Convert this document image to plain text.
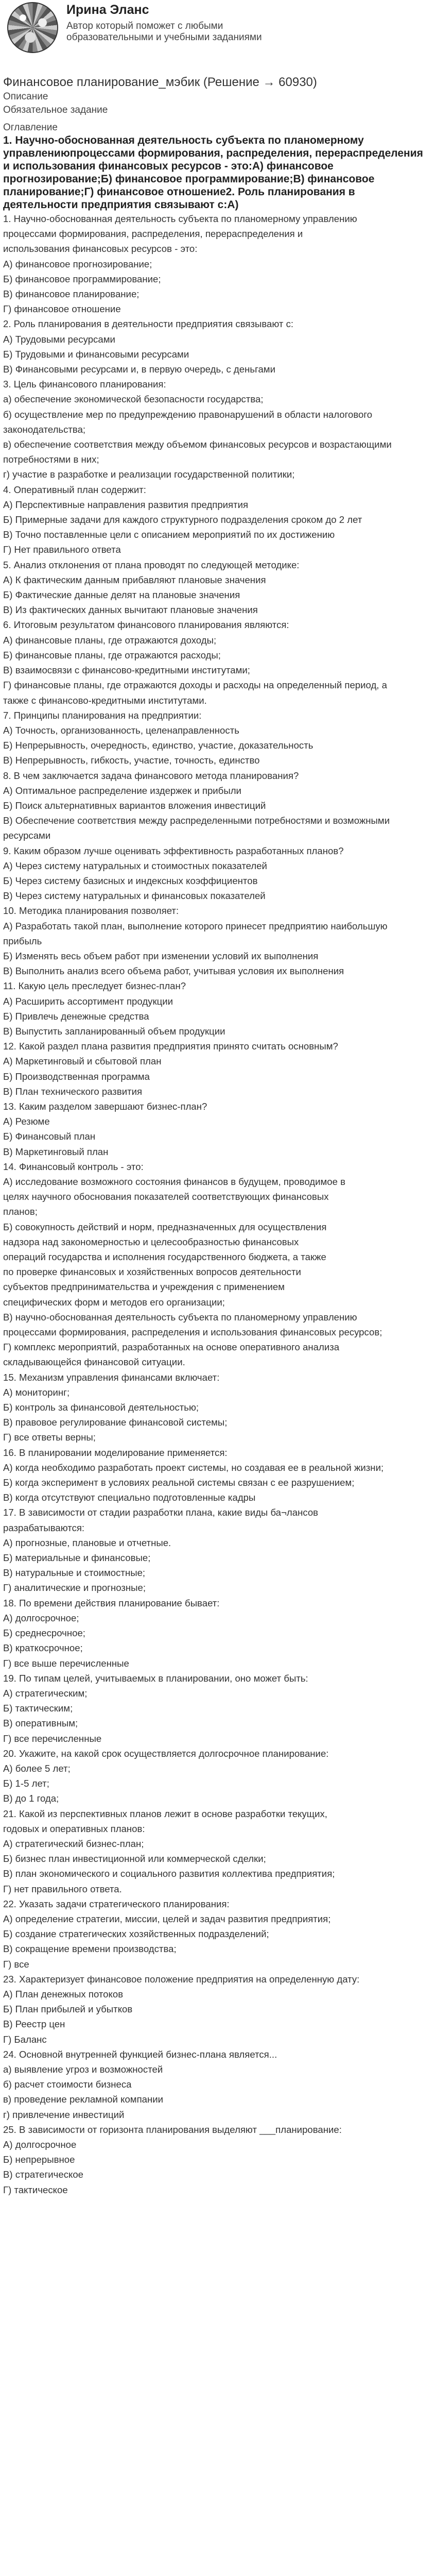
Ирина Эланс
Автор который поможет с любыми образовательными и учебными заданиями
Финансовое планирование_мэбик (Решение → 60930)
Описание
Обязательное задание
Оглавление
1. Научно-обоснованная деятельность субъекта по планомерному управлениюпроцессами формирования, распределения, перераспределения и использования финансовых ресурсов - это:А) финансовое прогнозирование;Б) финансовое программирование;В) финансовое планирование;Г) финансовое отношение2. Роль планирования в деятельности предприятия связывают с:А)
1. Научно-обоснованная деятельность субъекта по планомерному управлению
процессами формирования, распределения, перераспределения и
использования финансовых ресурсов - это:
А) финансовое прогнозирование;
Б) финансовое программирование;
В) финансовое планирование;
Г) финансовое отношение
2. Роль планирования в деятельности предприятия связывают с:
А) Трудовыми ресурсами
Б) Трудовыми и финансовыми ресурсами
В) Финансовыми ресурсами и, в первую очередь, с деньгами
3. Цель финансового планирования:
а) обеспечение экономической безопасности государства;
б) осуществление мер по предупреждению правонарушений в области налогового
законодательства;
в) обеспечение соответствия между объемом финансовых ресурсов и возрастающими
потребностями в них;
г) участие в разработке и реализации государственной политики;
4. Оперативный план содержит:
А) Перспективные направления развития предприятия
Б) Примерные задачи для каждого структурного подразделения сроком до 2 лет
В) Точно поставленные цели с описанием мероприятий по их достижению
Г) Нет правильного ответа
5. Анализ отклонения от плана проводят по следующей методике:
А) К фактическим данным прибавляют плановые значения
Б) Фактические данные делят на плановые значения
В) Из фактических данных вычитают плановые значения
6. Итоговым результатом финансового планирования являются:
А) финансовые планы, где отражаются доходы;
Б) финансовые планы, где отражаются расходы;
В) взаимосвязи с финансово-кредитными институтами;
Г) финансовые планы, где отражаются доходы и расходы на определенный период, а
также с финансово-кредитными институтами.
7. Принципы планирования на предприятии:
А) Точность, организованность, целенаправленность
Б) Непрерывность, очередность, единство, участие, доказательность
В) Непрерывность, гибкость, участие, точность, единство
8. В чем заключается задача финансового метода планирования?
А) Оптимальное распределение издержек и прибыли
Б) Поиск альтернативных вариантов вложения инвестиций
В) Обеспечение соответствия между распределенными потребностями и возможными
ресурсами
9. Каким образом лучше оценивать эффективность разработанных планов?
А) Через систему натуральных и стоимостных показателей
Б) Через систему базисных и индексных коэффициентов
В) Через систему натуральных и финансовых показателей
10. Методика планирования позволяет:
А) Разработать такой план, выполнение которого принесет предприятию наибольшую
прибыль
Б) Изменять весь объем работ при изменении условий их выполнения
В) Выполнить анализ всего объема работ, учитывая условия их выполнения
11. Какую цель преследует бизнес-план?
А) Расширить ассортимент продукции
Б) Привлечь денежные средства
В) Выпустить запланированный объем продукции
12. Какой раздел плана развития предприятия принято считать основным?
А) Маркетинговый и сбытовой план
Б) Производственная программа
В) План технического развития
13. Каким разделом завершают бизнес-план?
А) Резюме
Б) Финансовый план
В) Маркетинговый план
14. Финансовый контроль - это:
А) исследование возможного состояния финансов в будущем, проводимое в
целях научного обоснования показателей соответствующих финансовых
планов;
Б) совокупность действий и норм, предназначенных для осуществления
надзора над закономерностью и целесообразностью финансовых
операций государства и исполнения государственного бюджета, а также
по проверке финансовых и хозяйственных вопросов деятельности
субъектов предпринимательства и учреждения с применением
специфических форм и методов его организации;
В) научно-обоснованная деятельность субъекта по планомерному управлению
процессами формирования, распределения и использования финансовых ресурсов;
Г) комплекс мероприятий, разработанных на основе оперативного анализа
складывающейся финансовой ситуации.
15. Механизм управления финансами включает:
А) мониторинг;
Б) контроль за финансовой деятельностью;
В) правовое регулирование финансовой системы;
Г) все ответы верны;
16. В планировании моделирование применяется:
А) когда необходимо разработать проект системы, но создавая ее в реальной жизни;
Б) когда эксперимент в условиях реальной системы связан с ее разрушением;
В) когда отсутствуют специально подготовленные кадры
17. В зависимости от стадии разработки плана, какие виды ба¬лансов
разрабатываются:
А) прогнозные, плановые и отчетные.
Б) материальные и финансовые;
В) натуральные и стоимостные;
Г) аналитические и прогнозные;
18. По времени действия планирование бывает:
А) долгосрочное;
Б) среднесрочное;
В) краткосрочное;
Г) все выше перечисленные
19. По типам целей, учитываемых в планировании, оно может быть:
А) стратегическим;
Б) тактическим;
В) оперативным;
Г) все перечисленные
20. Укажите, на какой срок осуществляется долгосрочное планирование:
А) более 5 лет;
Б) 1-5 лет;
В) до 1 года;
21. Какой из перспективных планов лежит в основе разработки текущих,
годовых и оперативных планов:
А) стратегический бизнес-план;
Б) бизнес план инвестиционной или коммерческой сделки;
В) план экономического и социального развития коллектива предприятия;
Г) нет правильного ответа.
22. Указать задачи стратегического планирования:
А) определение стратегии, миссии, целей и задач развития предприятия;
Б) создание стратегических хозяйственных подразделений;
В) сокращение времени производства;
Г) все
23. Характеризует финансовое положение предприятия на определенную дату:
А) План денежных потоков
Б) План прибылей и убытков
В) Реестр цен
Г) Баланс
24. Основной внутренней функцией бизнес-плана является...
а) выявление угроз и возможностей
б) расчет стоимости бизнеса
в) проведение рекламной компании
г) привлечение инвестиций
25. В зависимости от горизонта планирования выделяют ___планирование:
А) долгосрочное
Б) непрерывное
В) стратегическое
Г) тактическое
